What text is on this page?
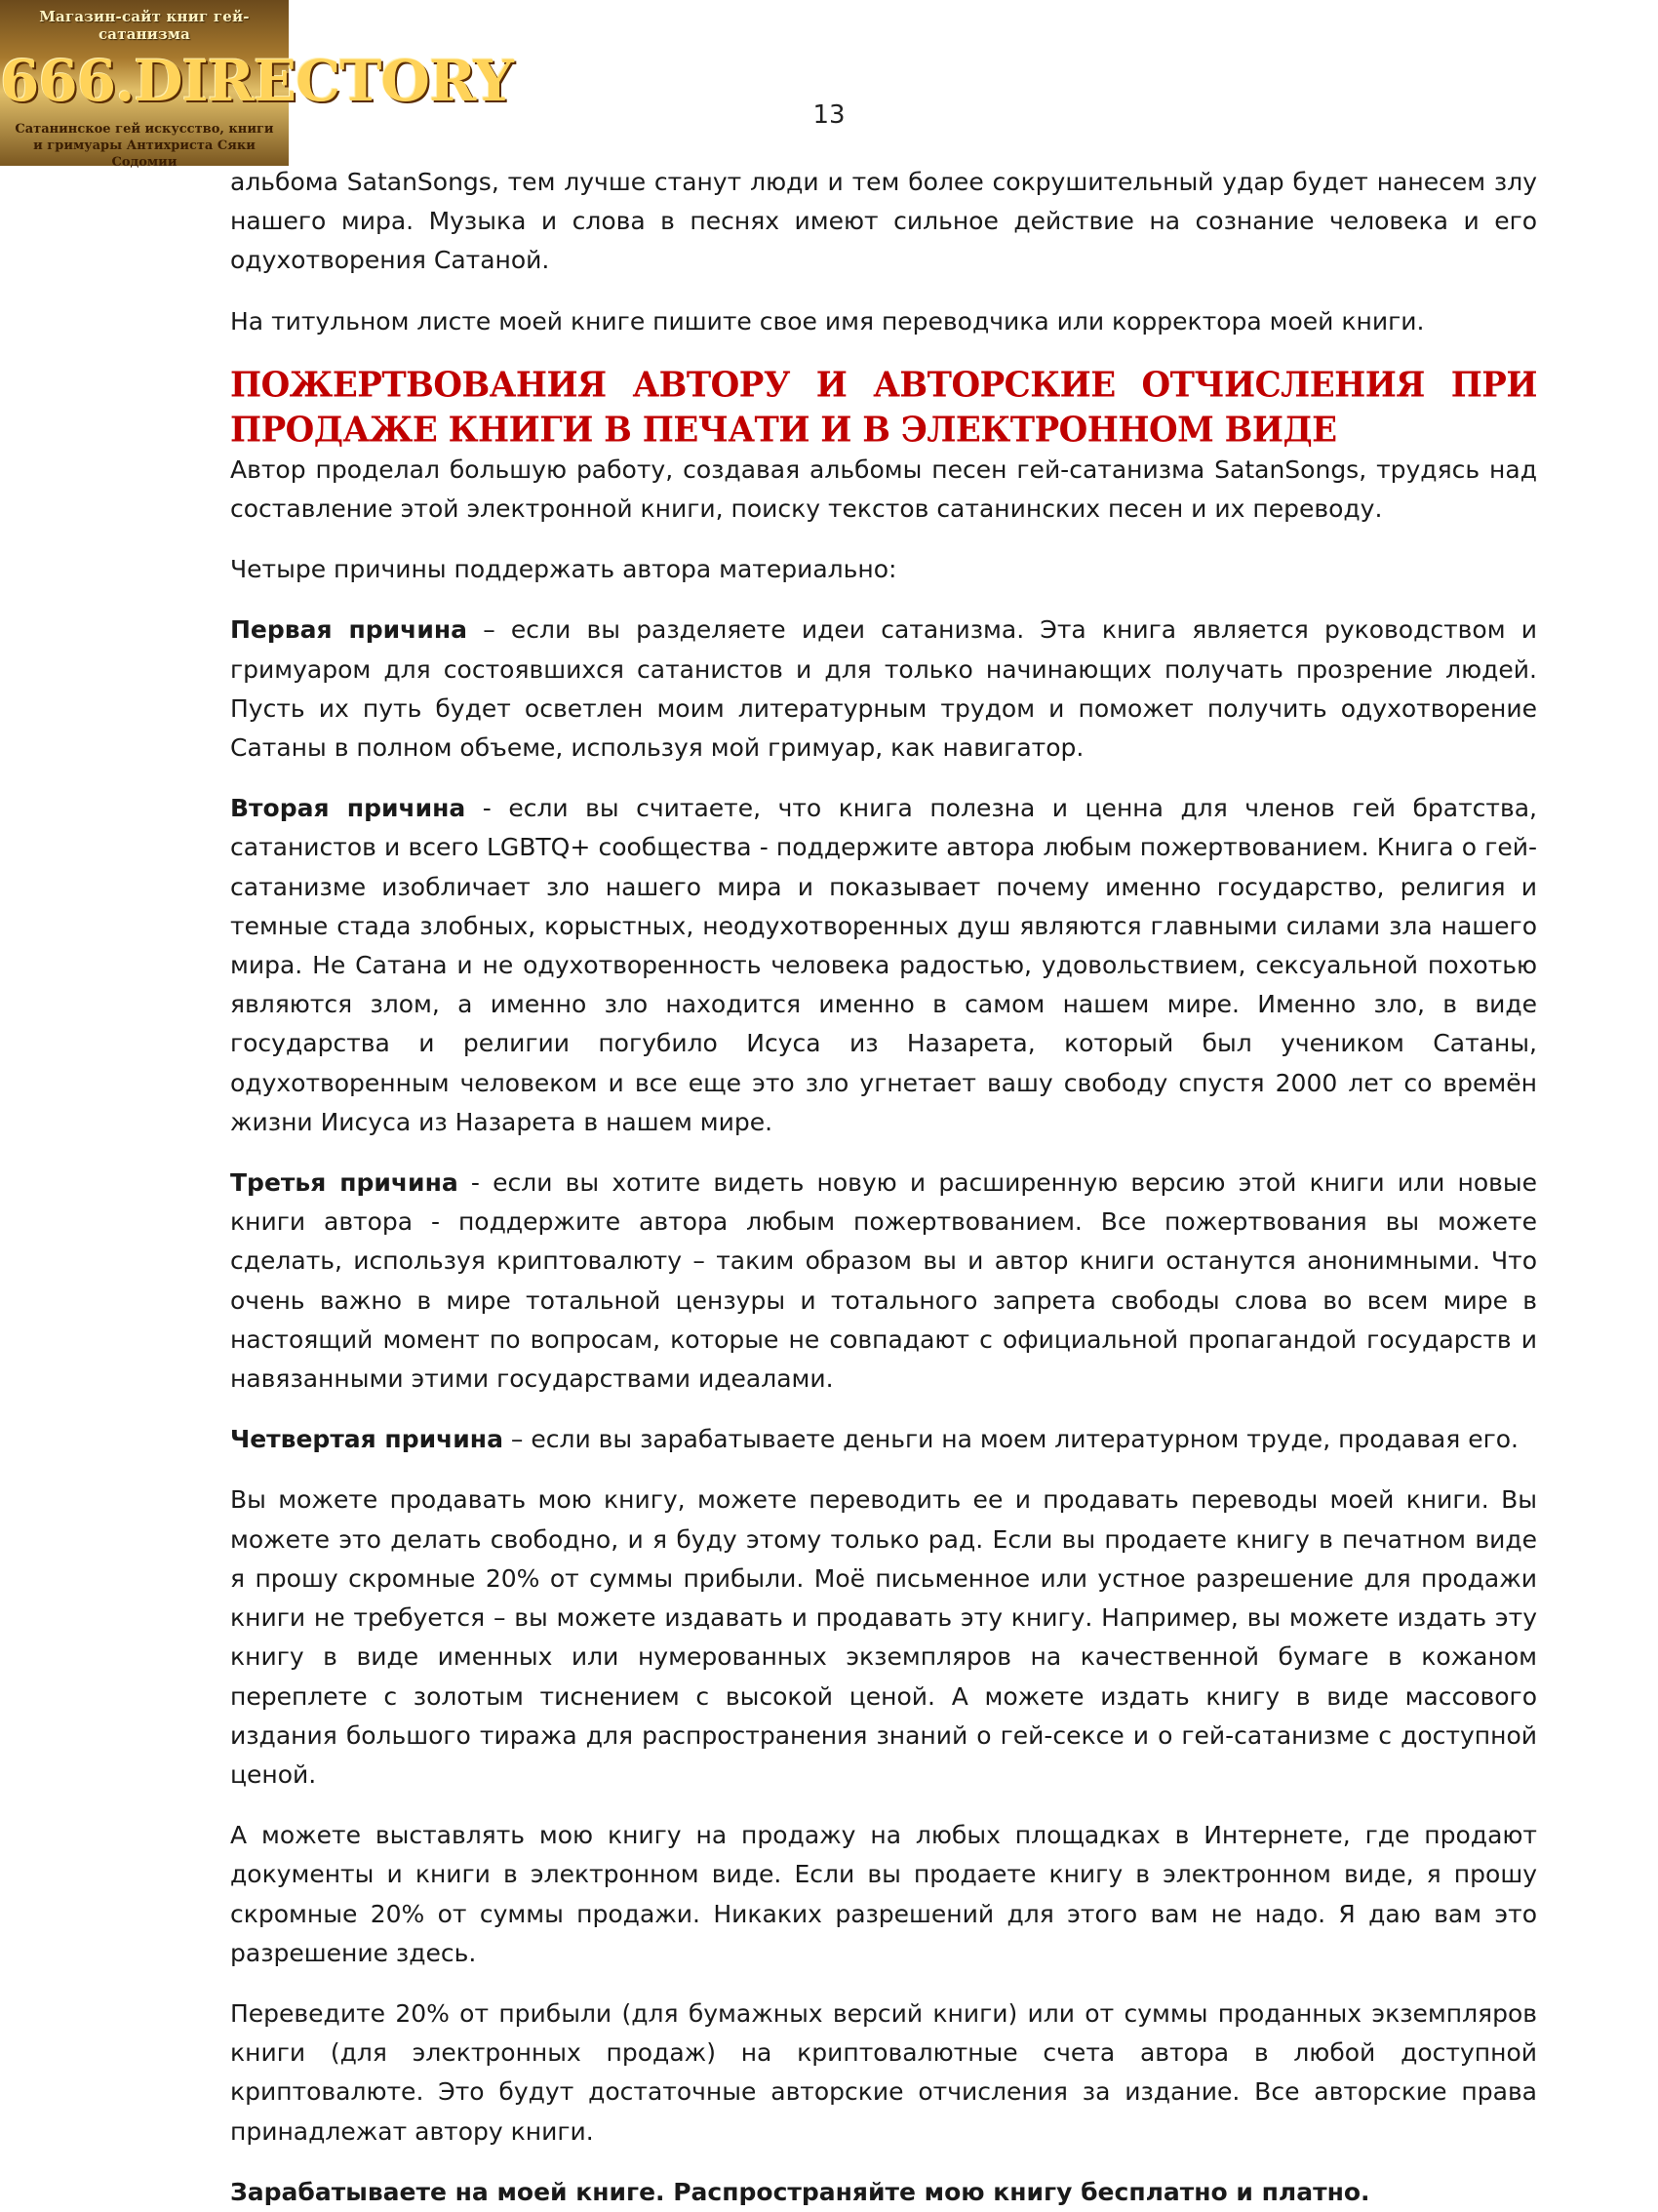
Магазин-сайт книг гей-сатанизма
666.DIRECTORY
Сатанинское гей искусство, книги
и гримуары Антихриста Сяки Содомии
13

альбома SatanSongs, тем лучше станут люди и тем более сокрушительный удар будет нанесем злу нашего мира. Музыка и слова в песнях имеют сильное действие на сознание человека и его одухотворения Сатаной.

На титульном листе моей книге пишите свое имя переводчика или корректора моей книги.

ПОЖЕРТВОВАНИЯ АВТОРУ И АВТОРСКИЕ ОТЧИСЛЕНИЯ ПРИ ПРОДАЖЕ КНИГИ В ПЕЧАТИ И В ЭЛЕКТРОННОМ ВИДЕ

Автор проделал большую работу, создавая альбомы песен гей-сатанизма SatanSongs, трудясь над составление этой электронной книги, поиску текстов сатанинских песен и их переводу.

Четыре причины поддержать автора материально:

Первая причина – если вы разделяете идеи сатанизма. Эта книга является руководством и гримуаром для состоявшихся сатанистов и для только начинающих получать прозрение людей. Пусть их путь будет осветлен моим литературным трудом и поможет получить одухотворение Сатаны в полном объеме, используя мой гримуар, как навигатор.

Вторая причина - если вы считаете, что книга полезна и ценна для членов гей братства, сатанистов и всего LGBTQ+ сообщества - поддержите автора любым пожертвованием. Книга о гей-сатанизме изобличает зло нашего мира и показывает почему именно государство, религия и темные стада злобных, корыстных, неодухотворенных душ являются главными силами зла нашего мира. Не Сатана и не одухотворенность человека радостью, удовольствием, сексуальной похотью являются злом, а именно зло находится именно в самом нашем мире. Именно зло, в виде государства и религии погубило Исуса из Назарета, который был учеником Сатаны, одухотворенным человеком и все еще это зло угнетает вашу свободу спустя 2000 лет со времён жизни Иисуса из Назарета в нашем мире.

Третья причина - если вы хотите видеть новую и расширенную версию этой книги или новые книги автора - поддержите автора любым пожертвованием. Все пожертвования вы можете сделать, используя криптовалюту – таким образом вы и автор книги останутся анонимными. Что очень важно в мире тотальной цензуры и тотального запрета свободы слова во всем мире в настоящий момент по вопросам, которые не совпадают с официальной пропагандой государств и навязанными этими государствами идеалами.

Четвертая причина – если вы зарабатываете деньги на моем литературном труде, продавая его.

Вы можете продавать мою книгу, можете переводить ее и продавать переводы моей книги. Вы можете это делать свободно, и я буду этому только рад. Если вы продаете книгу в печатном виде я прошу скромные 20% от суммы прибыли. Моё письменное или устное разрешение для продажи книги не требуется – вы можете издавать и продавать эту книгу. Например, вы можете издать эту книгу в виде именных или нумерованных экземпляров на качественной бумаге в кожаном переплете с золотым тиснением с высокой ценой. А можете издать книгу в виде массового издания большого тиража для распространения знаний о гей-сексе и о гей-сатанизме с доступной ценой.

А можете выставлять мою книгу на продажу на любых площадках в Интернете, где продают документы и книги в электронном виде. Если вы продаете книгу в электронном виде, я прошу скромные 20% от суммы продажи. Никаких разрешений для этого вам не надо. Я даю вам это разрешение здесь.

Переведите 20% от прибыли (для бумажных версий книги) или от суммы проданных экземпляров книги (для электронных продаж) на криптовалютные счета автора в любой доступной криптовалюте. Это будут достаточные авторские отчисления за издание. Все авторские права принадлежат автору книги.

Зарабатываете на моей книге. Распространяйте мою книгу бесплатно и платно.
